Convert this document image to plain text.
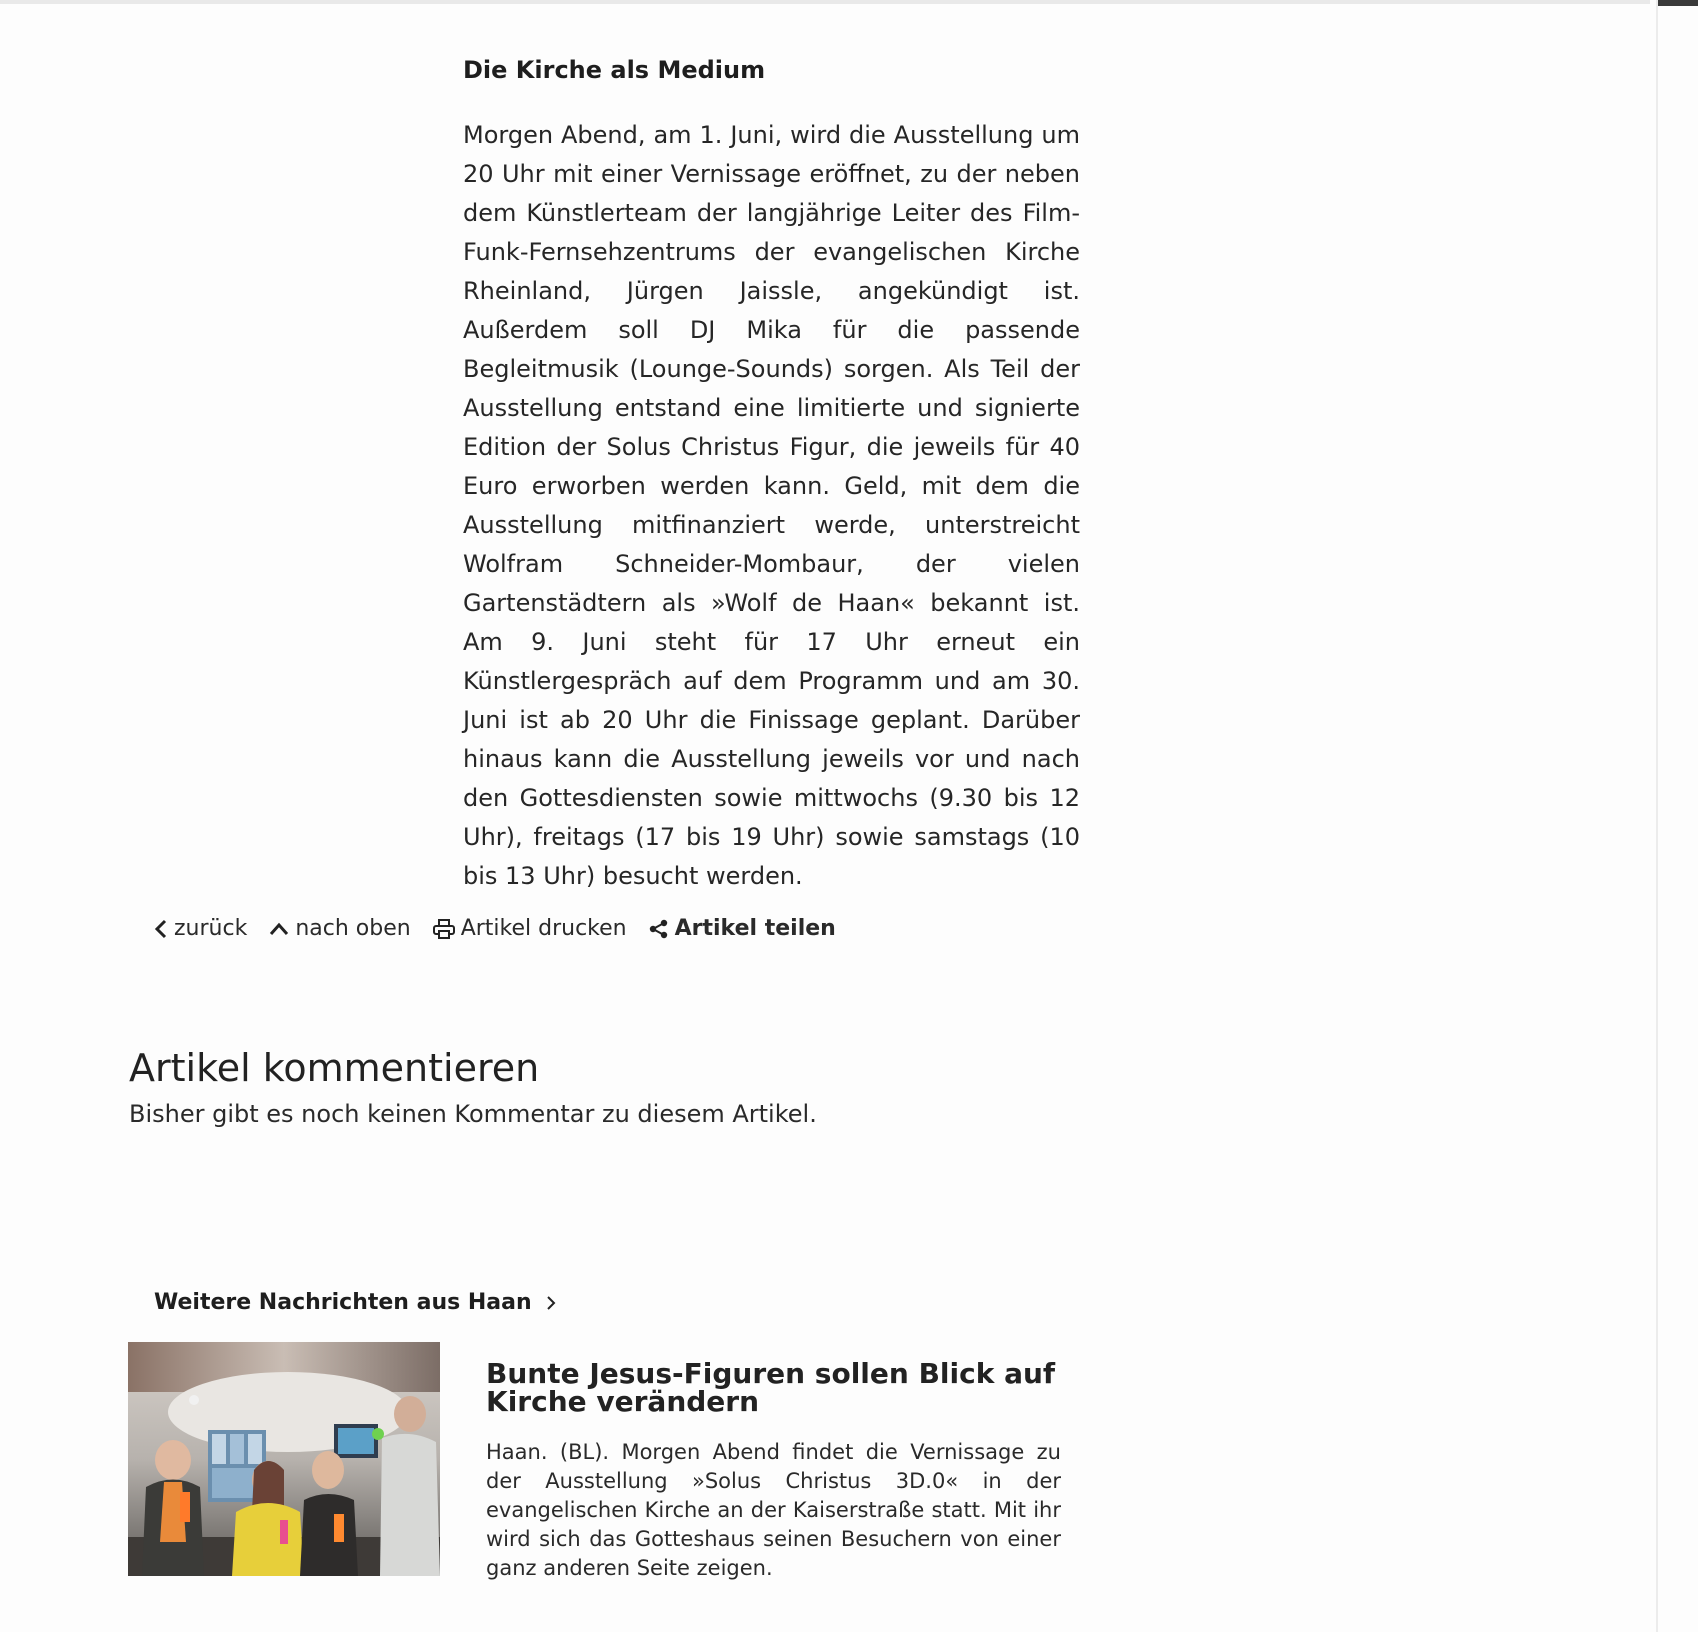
Die Kirche als Medium

Morgen Abend, am 1. Juni, wird die Ausstellung um 20 Uhr mit einer Vernissage eröffnet, zu der neben dem Künstlerteam der langjährige Leiter des Film-Funk-Fernsehzentrums der evangelischen Kirche Rheinland, Jürgen Jaissle, angekündigt ist. Außerdem soll DJ Mika für die passende Begleitmusik (Lounge-Sounds) sorgen. Als Teil der Ausstellung entstand eine limitierte und signierte Edition der Solus Christus Figur, die jeweils für 40 Euro erworben werden kann. Geld, mit dem die Ausstellung mitfinanziert werde, unterstreicht Wolfram Schneider-Mombaur, der vielen Gartenstädtern als »Wolf de Haan« bekannt ist. Am 9. Juni steht für 17 Uhr erneut ein Künstlergespräch auf dem Programm und am 30. Juni ist ab 20 Uhr die Finissage geplant. Darüber hinaus kann die Ausstellung jeweils vor und nach den Gottesdiensten sowie mittwochs (9.30 bis 12 Uhr), freitags (17 bis 19 Uhr) sowie samstags (10 bis 13 Uhr) besucht werden.

zurück nach oben Artikel drucken Artikel teilen
Artikel kommentieren

Bisher gibt es noch keinen Kommentar zu diesem Artikel.

Weitere Nachrichten aus Haan
Bunte Jesus-Figuren sollen Blick auf Kirche verändern

Haan. (BL). Morgen Abend findet die Vernissage zu der Ausstellung »Solus Christus 3D.0« in der evangelischen Kirche an der Kaiserstraße statt. Mit ihr wird sich das Gotteshaus seinen Besuchern von einer ganz anderen Seite zeigen.
